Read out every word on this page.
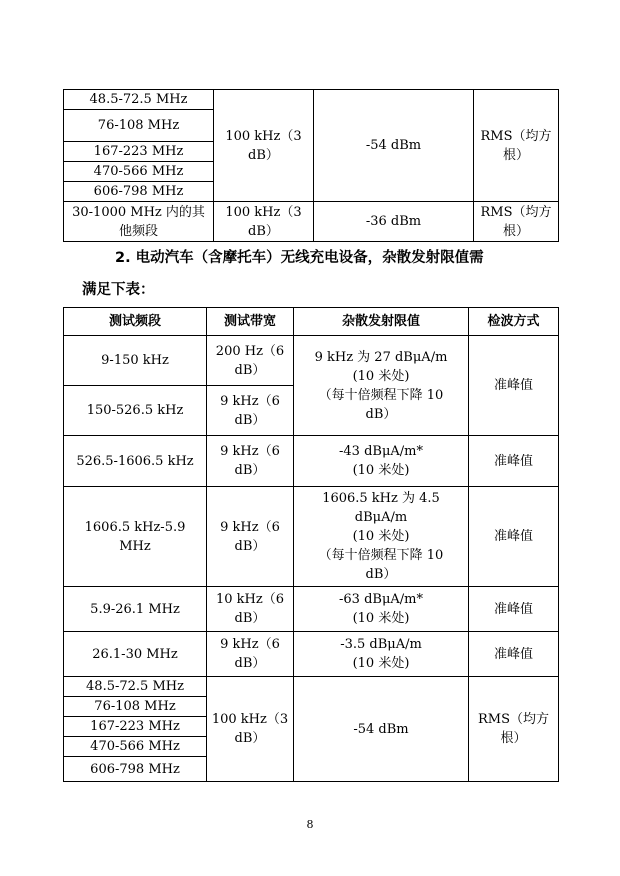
48.5-72.5 MHz	100 kHz（3
dB）	-54 dBm	RMS（均方
根）
76-108 MHz			
167-223 MHz			
470-566 MHz			
606-798 MHz			
30-1000 MHz 内的其
他频段	100 kHz（3
dB）	-36 dBm	RMS（均方
根）
2. 电动汽车（含摩托车）无线充电设备，杂散发射限值需
满足下表：
测试频段	测试带宽	杂散发射限值	检波方式
9-150 kHz	200 Hz（6
dB）	9 kHz 为 27 dBμA/m
(10 米处)
（每十倍频程下降 10
dB）	准峰值
150-526.5 kHz	9 kHz（6
dB）		
526.5-1606.5 kHz	9 kHz（6
dB）	-43 dBμA/m*
(10 米处)	准峰值
1606.5 kHz-5.9
MHz	9 kHz（6
dB）	1606.5 kHz 为 4.5
dBμA/m
(10 米处)
（每十倍频程下降 10
dB）	准峰值
5.9-26.1 MHz	10 kHz（6
dB）	-63 dBμA/m*
(10 米处)	准峰值
26.1-30 MHz	9 kHz（6
dB）	-3.5 dBμA/m
(10 米处)	准峰值
48.5-72.5 MHz	100 kHz（3
dB）	-54 dBm	RMS（均方
根）
76-108 MHz			
167-223 MHz			
470-566 MHz			
606-798 MHz			
8
